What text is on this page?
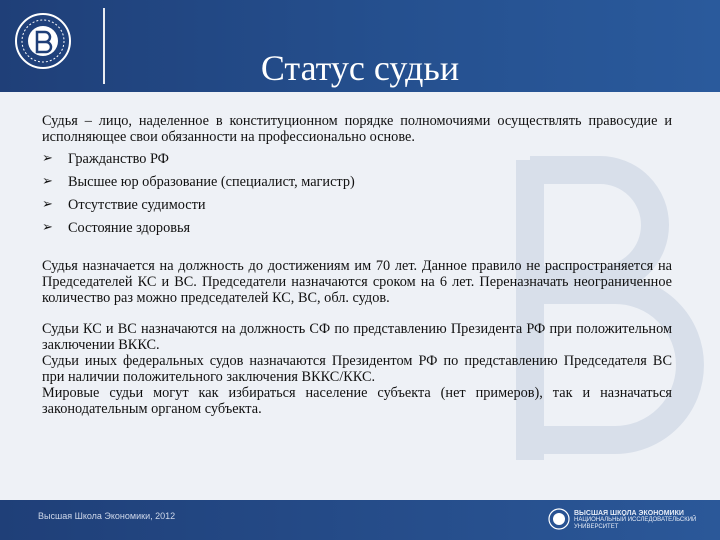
Статус судьи

Судья – лицо, наделенное в конституционном порядке полномочиями осуществлять правосудие и исполняющее свои обязанности на профессионально основе.

➢ Гражданство РФ
➢ Высшее юр образование (специалист, магистр)
➢ Отсутствие судимости
➢ Состояние здоровья

Судья назначается на должность до достижениям им 70 лет. Данное правило не распространяется на Председателей КС и ВС. Председатели назначаются сроком на 6 лет. Переназначать неограниченное количество раз можно председателей КС, ВС, обл. судов.

Судьи КС и ВС назначаются на должность СФ по представлению Президента РФ при положительном заключении ВККС.

Судьи иных федеральных судов назначаются Президентом РФ по представлению Председателя ВС при наличии положительного заключения ВККС/ККС.

Мировые судьи могут как избираться население субъекта (нет примеров), так и назначаться законодательным органом субъекта.

Высшая Школа Экономики, 2012	ВЫСШАЯ ШКОЛА ЭКОНОМИКИ
НАЦИОНАЛЬНЫЙ ИССЛЕДОВАТЕЛЬСКИЙ УНИВЕРСИТЕТ
